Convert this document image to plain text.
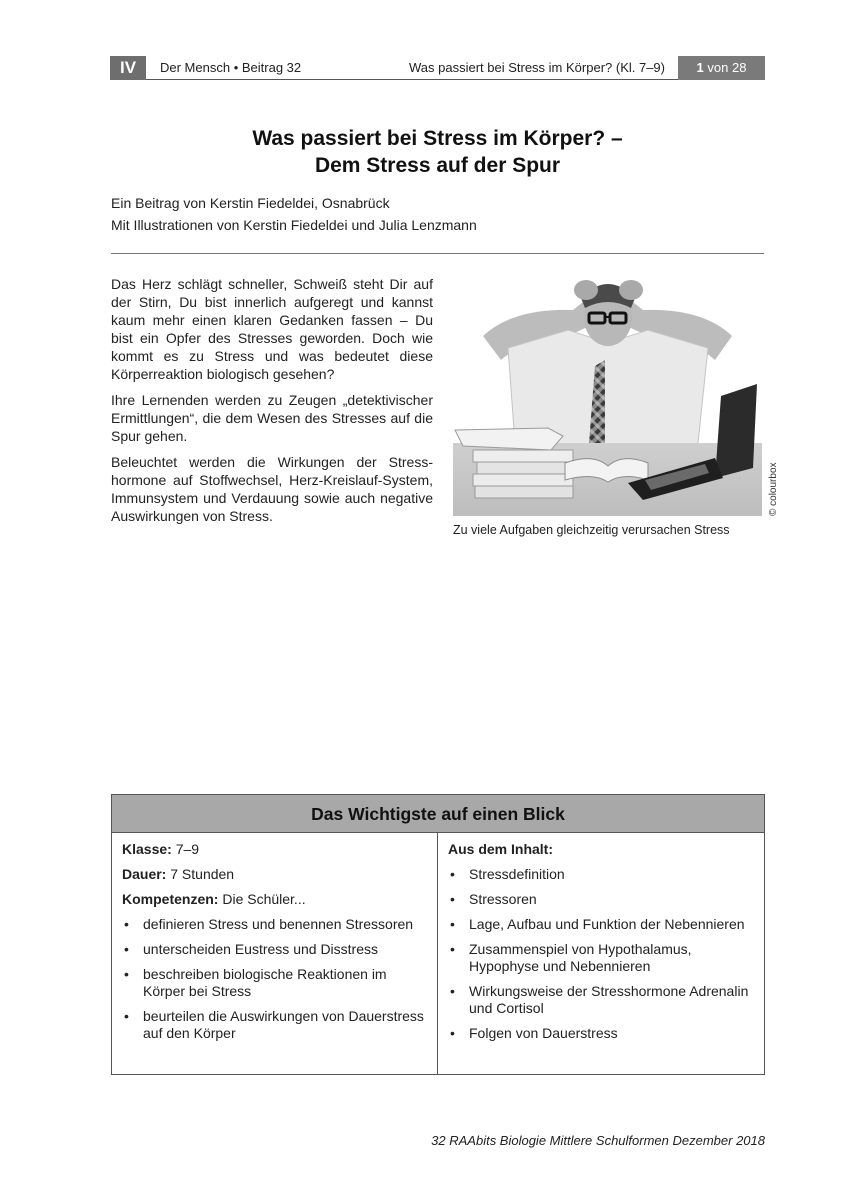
IV	Der Mensch • Beitrag 32	Was passiert bei Stress im Körper? (Kl. 7–9)	1 von 28
Was passiert bei Stress im Körper? –
Dem Stress auf der Spur
Ein Beitrag von Kerstin Fiedeldei, Osnabrück
Mit Illustrationen von Kerstin Fiedeldei und Julia Lenzmann

Das Herz schlägt schneller, Schweiß steht Dir auf der Stirn, Du bist innerlich aufgeregt und kannst kaum mehr einen klaren Gedanken fassen – Du bist ein Opfer des Stresses geworden. Doch wie kommt es zu Stress und was bedeutet diese Körperreaktion biologisch gesehen?

Ihre Lernenden werden zu Zeugen „detektivischer Ermittlungen“, die dem Wesen des Stresses auf die Spur gehen.

Beleuchtet werden die Wirkungen der Stresshormone auf Stoffwechsel, Herz-Kreislauf-System, Immunsystem und Verdauung sowie auch negative Auswirkungen von Stress.

Zu viele Aufgaben gleichzeitig verursachen Stress
© colourbox
Das Wichtigste auf einen Blick
Klasse: 7–9
Dauer: 7 Stunden
Kompetenzen: Die Schüler...
• definieren Stress und benennen Stressoren
• unterscheiden Eustress und Disstress
• beschreiben biologische Reaktionen im Körper bei Stress
• beurteilen die Auswirkungen von Dauerstress auf den Körper
Aus dem Inhalt:
• Stressdefinition
• Stressoren
• Lage, Aufbau und Funktion der Nebennieren
• Zusammenspiel von Hypothalamus, Hypophyse und Nebennieren
• Wirkungsweise der Stresshormone Adrenalin und Cortisol
• Folgen von Dauerstress
32 RAAbits Biologie Mittlere Schulformen Dezember 2018
